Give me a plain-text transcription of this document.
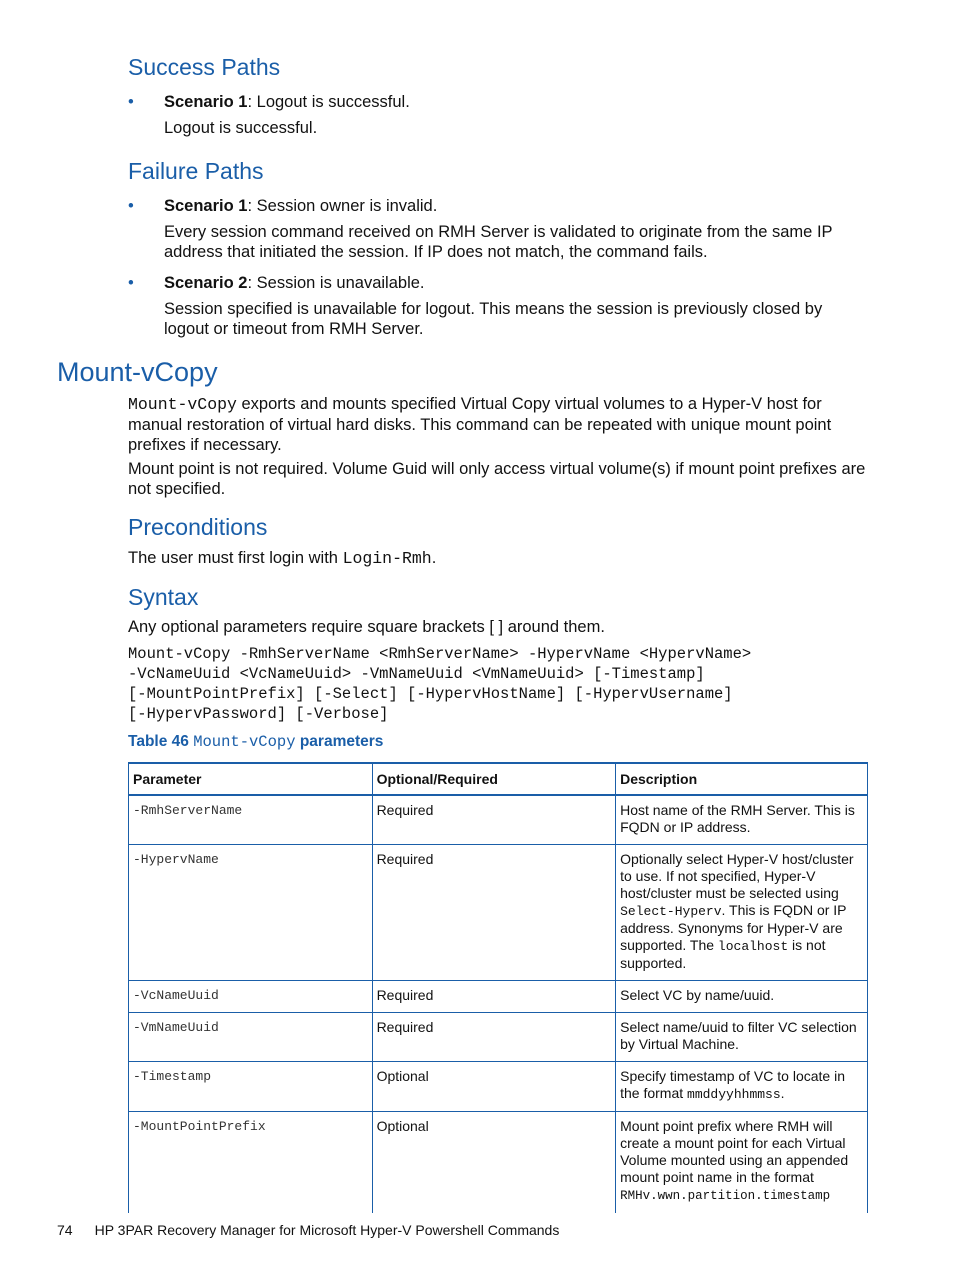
Success Paths
• Scenario 1: Logout is successful.

Logout is successful.

Failure Paths
• Scenario 1: Session owner is invalid.

Every session command received on RMH Server is validated to originate from the same IP address that initiated the session. If IP does not match, the command fails.

• Scenario 2: Session is unavailable.

Session specified is unavailable for logout. This means the session is previously closed by logout or timeout from RMH Server.

Mount-vCopy

Mount-vCopy exports and mounts specified Virtual Copy virtual volumes to a Hyper-V host for manual restoration of virtual hard disks. This command can be repeated with unique mount point prefixes if necessary.

Mount point is not required. Volume Guid will only access virtual volume(s) if mount point prefixes are not specified.

Preconditions

The user must first login with Login-Rmh.

Syntax

Any optional parameters require square brackets [ ] around them.

Mount-vCopy -RmhServerName <RmhServerName> -HypervName <HypervName>
-VcNameUuid <VcNameUuid> -VmNameUuid <VmNameUuid> [-Timestamp]
[-MountPointPrefix] [-Select] [-HypervHostName] [-HypervUsername]
[-HypervPassword] [-Verbose]
Table 46 Mount-vCopy parameters
Parameter	Optional/Required	Description
-RmhServerName	Required	Host name of the RMH Server. This is FQDN or IP address.
-HypervName	Required	Optionally select Hyper-V host/cluster to use. If not specified, Hyper-V host/cluster must be selected using Select-Hyperv. This is FQDN or IP address. Synonyms for Hyper-V are supported. The localhost is not supported.
-VcNameUuid	Required	Select VC by name/uuid.
-VmNameUuid	Required	Select name/uuid to filter VC selection by Virtual Machine.
-Timestamp	Optional	Specify timestamp of VC to locate in the format mmddyyhhmmss.
-MountPointPrefix	Optional	Mount point prefix where RMH will create a mount point for each Virtual Volume mounted using an appended mount point name in the format RMHv.wwn.partition.timestamp
74 HP 3PAR Recovery Manager for Microsoft Hyper-V Powershell Commands
